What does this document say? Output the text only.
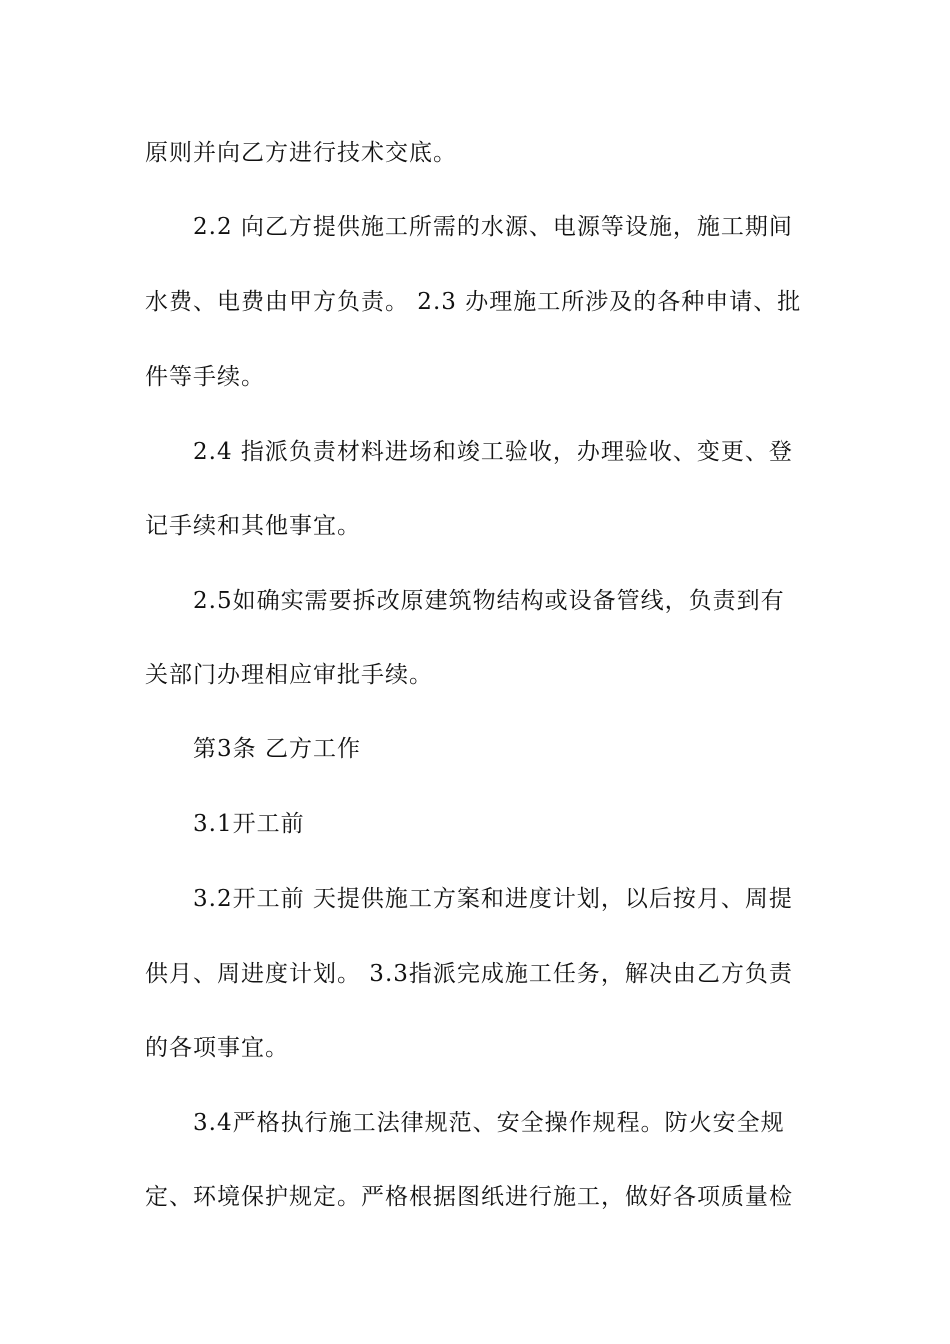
原则并向乙方进行技术交底。
2.2 向乙方提供施工所需的水源、电源等设施，施工期间
水费、电费由甲方负责。 2.3 办理施工所涉及的各种申请、批
件等手续。
2.4 指派负责材料进场和竣工验收，办理验收、变更、登
记手续和其他事宜。
2.5如确实需要拆改原建筑物结构或设备管线，负责到有
关部门办理相应审批手续。
第3条 乙方工作
3.1开工前
3.2开工前 天提供施工方案和进度计划，以后按月、周提
供月、周进度计划。 3.3指派完成施工任务，解决由乙方负责
的各项事宜。
3.4严格执行施工法律规范、安全操作规程。防火安全规
定、环境保护规定。严格根据图纸进行施工，做好各项质量检
